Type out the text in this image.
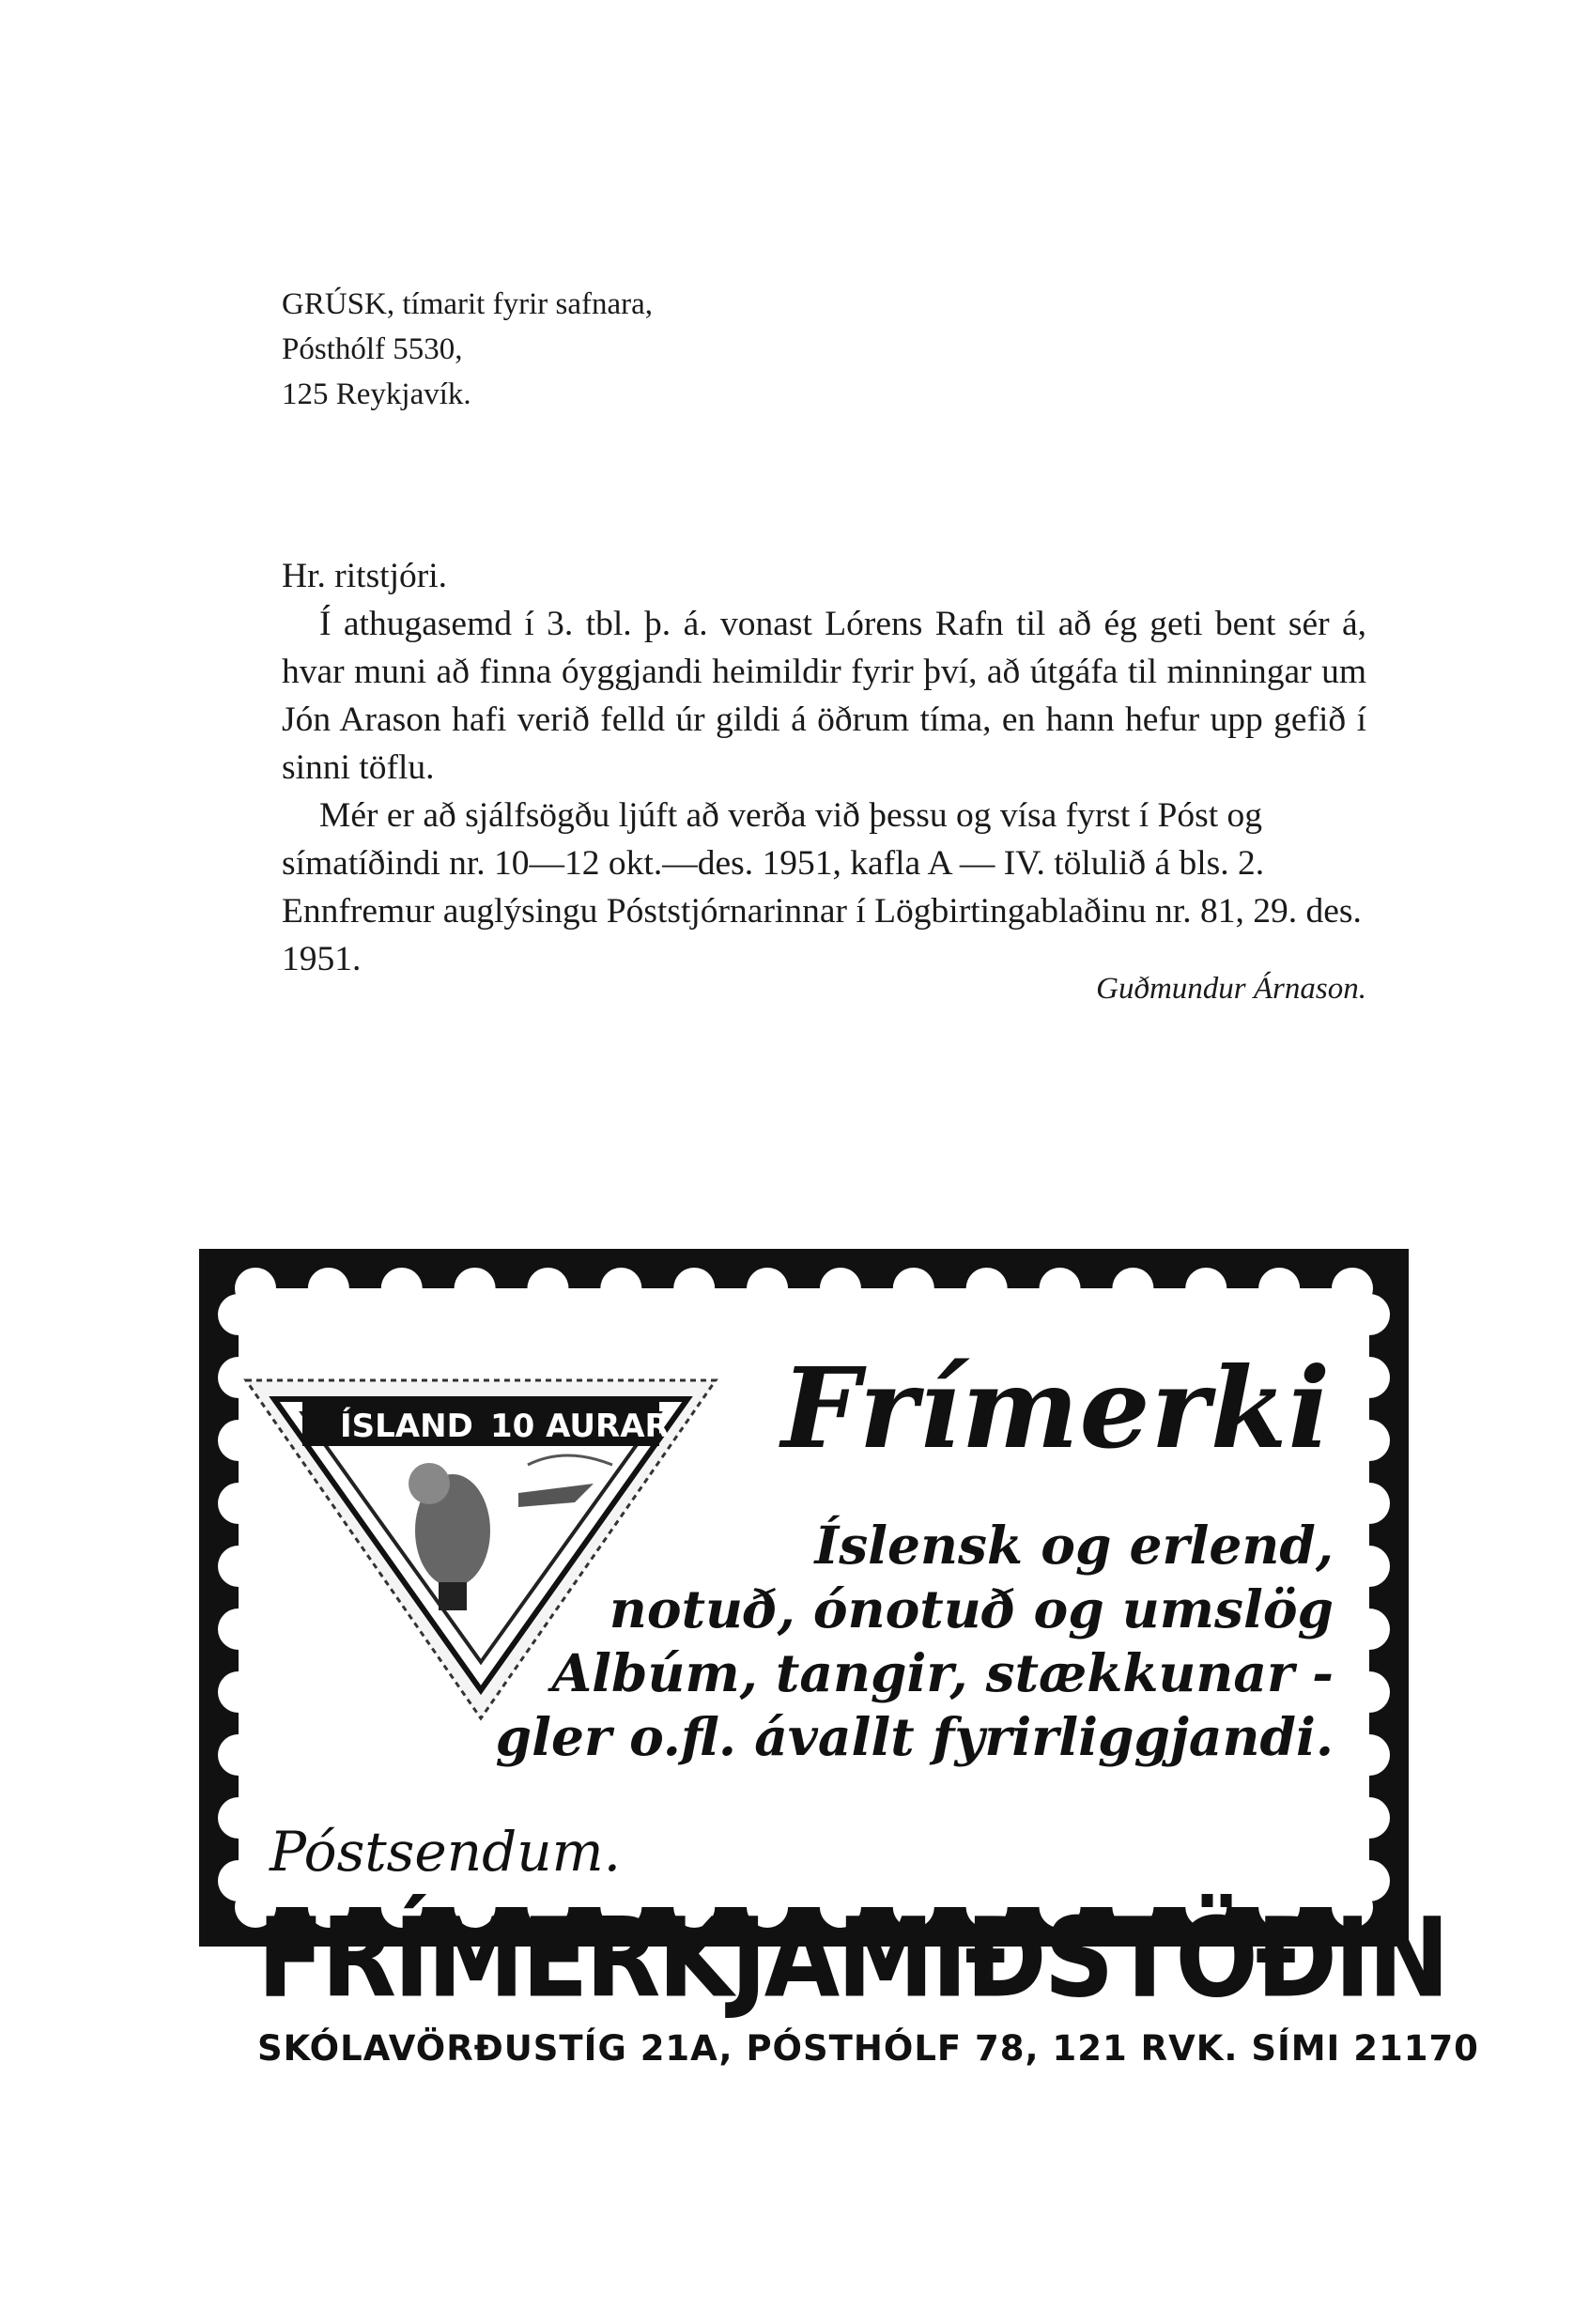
GRÚSK, tímarit fyrir safnara,
Pósthólf 5530,
125 Reykjavík.

Hr. ritstjóri.

Í athugasemd í 3. tbl. þ. á. vonast Lórens Rafn til að ég geti bent sér á, hvar muni að finna óyggjandi heimildir fyrir því, að útgáfa til minningar um Jón Arason hafi verið felld úr gildi á öðrum tíma, en hann hefur upp gefið í sinni töflu.

Mér er að sjálfsögðu ljúft að verða við þessu og vísa fyrst í Póst og símatíðindi nr. 10—12 okt.—des. 1951, kafla A — IV. tölulið á bls. 2. Ennfremur auglýsingu Póststjórnarinnar í Lögbirtingablaðinu nr. 81, 29. des. 1951.

Guðmundur Árnason.
ÍSLAND 10 AURAR Frímerki
Íslensk og erlend,
notuð, ónotuð og umslög
Albúm, tangir, stækkunar -
gler o.fl. ávallt fyrirliggjandi.
Póstsendum.
FRÍMERKJAMIÐSTÖÐIN
SKÓLAVÖRÐUSTÍG 21A, PÓSTHÓLF 78, 121 RVK. SÍMI 21170
